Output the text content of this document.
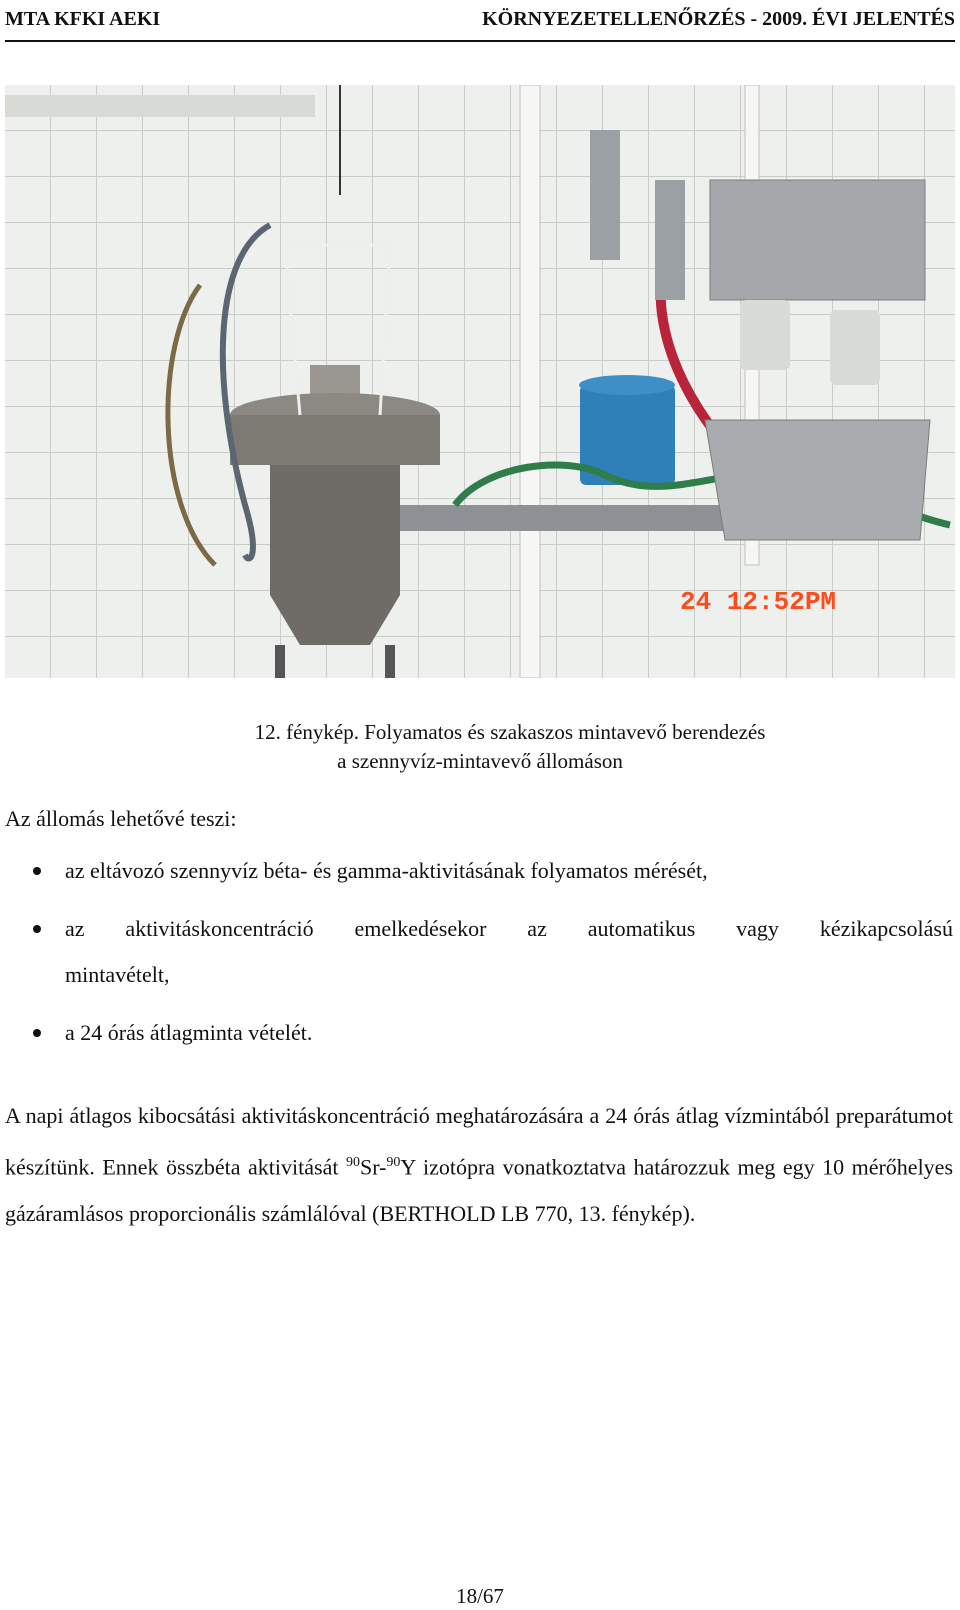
MTA KFKI AEKI	KÖRNYEZETELLENŐRZÉS - 2009. ÉVI JELENTÉS
24 12:52PM
12. fénykép. Folyamatos és szakaszos mintavevő berendezés
a szennyvíz-mintavevő állomáson
Az állomás lehetővé teszi:
az eltávozó szennyvíz béta- és gamma-aktivitásának folyamatos mérését,
az aktivitáskoncentráció emelkedésekor az automatikus vagy kézikapcsolású
mintavételt,
a 24 órás átlagminta vételét.
A napi átlagos kibocsátási aktivitáskoncentráció meghatározására a 24 órás átlag vízmintából preparátumot készítünk. Ennek összbéta aktivitását $^{90}$Sr-$^{90}$Y izotópra vonatkoztatva határozzuk meg egy 10 mérőhelyes gázáramlásos proporcionális számlálóval (BERTHOLD LB 770, 13. fénykép).
18/67
